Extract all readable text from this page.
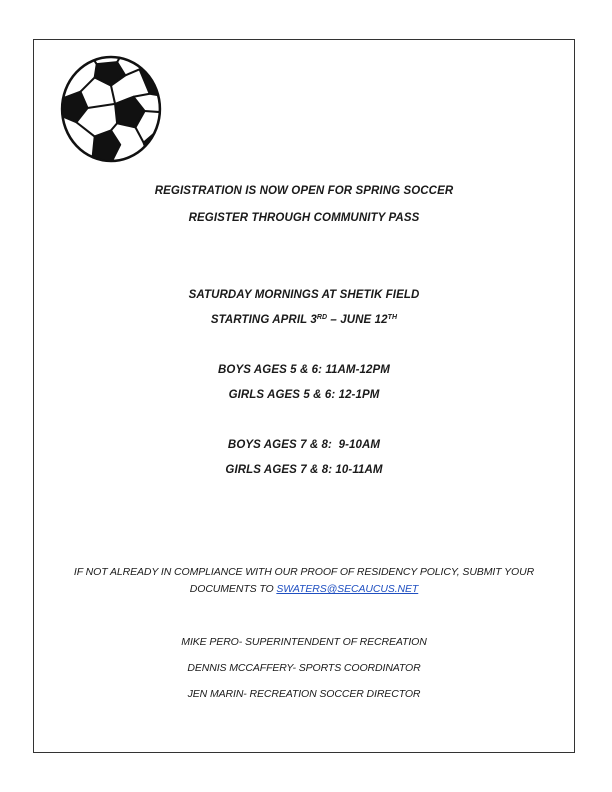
REGISTRATION IS NOW OPEN FOR SPRING SOCCER
REGISTER THROUGH COMMUNITY PASS
SATURDAY MORNINGS AT SHETIK FIELD
STARTING APRIL 3RD – JUNE 12TH
BOYS AGES 5 & 6: 11AM-12PM
GIRLS AGES 5 & 6: 12-1PM
BOYS AGES 7 & 8:  9-10AM
GIRLS AGES 7 & 8: 10-11AM
IF NOT ALREADY IN COMPLIANCE WITH OUR PROOF OF RESIDENCY POLICY, SUBMIT YOUR
DOCUMENTS TO SWATERS@SECAUCUS.NET
MIKE PERO- SUPERINTENDENT OF RECREATION
DENNIS MCCAFFERY- SPORTS COORDINATOR
JEN MARIN- RECREATION SOCCER DIRECTOR
